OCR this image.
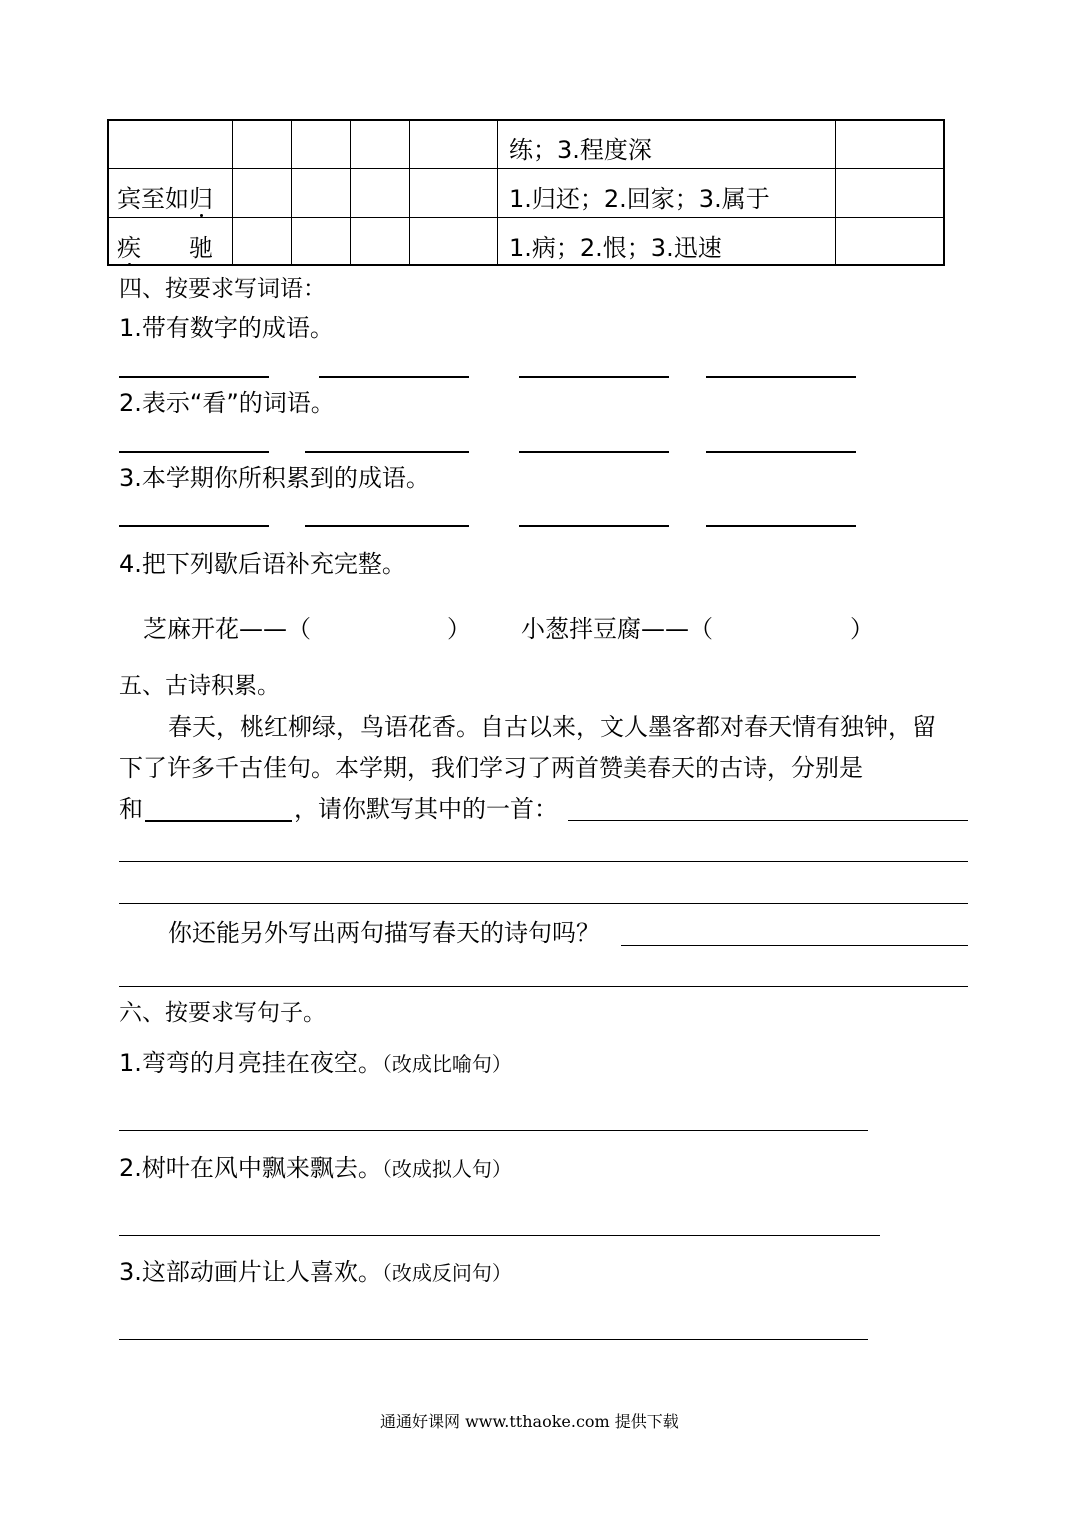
练；3.程度深
宾至如归	1.归还；2.回家；3.属于
疾 驰	1.病；2.恨；3.迅速
四、按要求写词语：
1.带有数字的成语。
2.表示“看”的词语。
3.本学期你所积累到的成语。
4.把下列歇后语补充完整。
芝麻开花——（	） 小葱拌豆腐——（	）
五、古诗积累。
春天，桃红柳绿，鸟语花香。自古以来，文人墨客都对春天情有独钟，留
下了许多千古佳句。本学期，我们学习了两首赞美春天的古诗，分别是
和	，请你默写其中的一首：
你还能另外写出两句描写春天的诗句吗？
六、按要求写句子。
1.弯弯的月亮挂在夜空。（改成比喻句）
2.树叶在风中飘来飘去。（改成拟人句）
3.这部动画片让人喜欢。（改成反问句）
通通好课网 www.tthaoke.com 提供下载
